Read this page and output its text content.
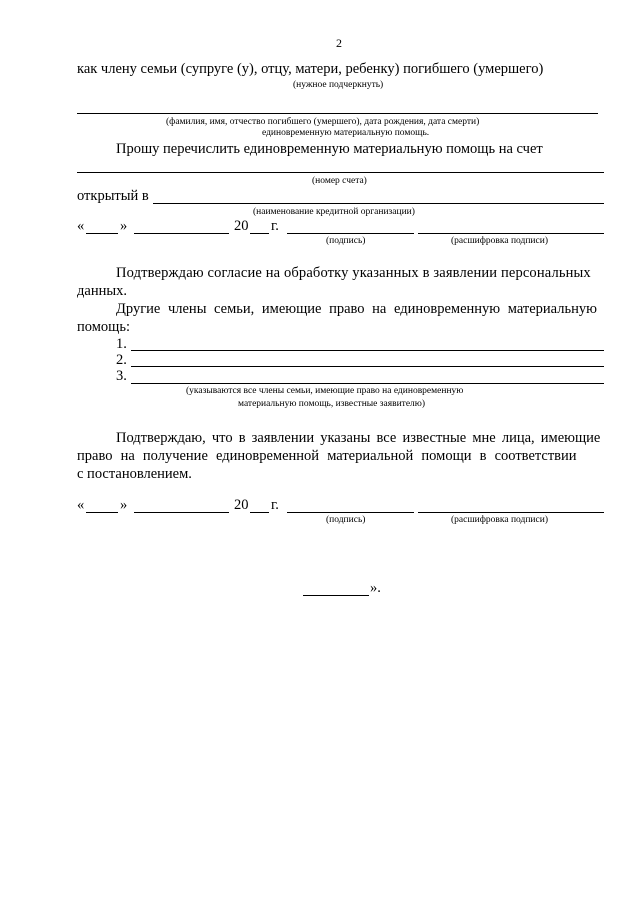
2
как члену семьи (супруге (у), отцу, матери, ребенку) погибшего (умершего)
(нужное подчеркнуть)
(фамилия, имя, отчество погибшего (умершего), дата рождения, дата смерти)
единовременную материальную помощь.
Прошу перечислить единовременную материальную помощь на счет
(номер счета)
открытый в
(наименование кредитной организации)
« »	20 г.
(подпись)	(расшифровка подписи)
Подтверждаю согласие на обработку указанных в заявлении персональных
данных.
Другие члены семьи, имеющие право на единовременную материальную
помощь:
1.
2.
3.
(указываются все члены семьи, имеющие право на единовременную
материальную помощь, известные заявителю)
Подтверждаю, что в заявлении указаны все известные мне лица, имеющие
право на получение единовременной материальной помощи в соответствии
с постановлением.
« »	20 г.
(подпись)	(расшифровка подписи)
».
